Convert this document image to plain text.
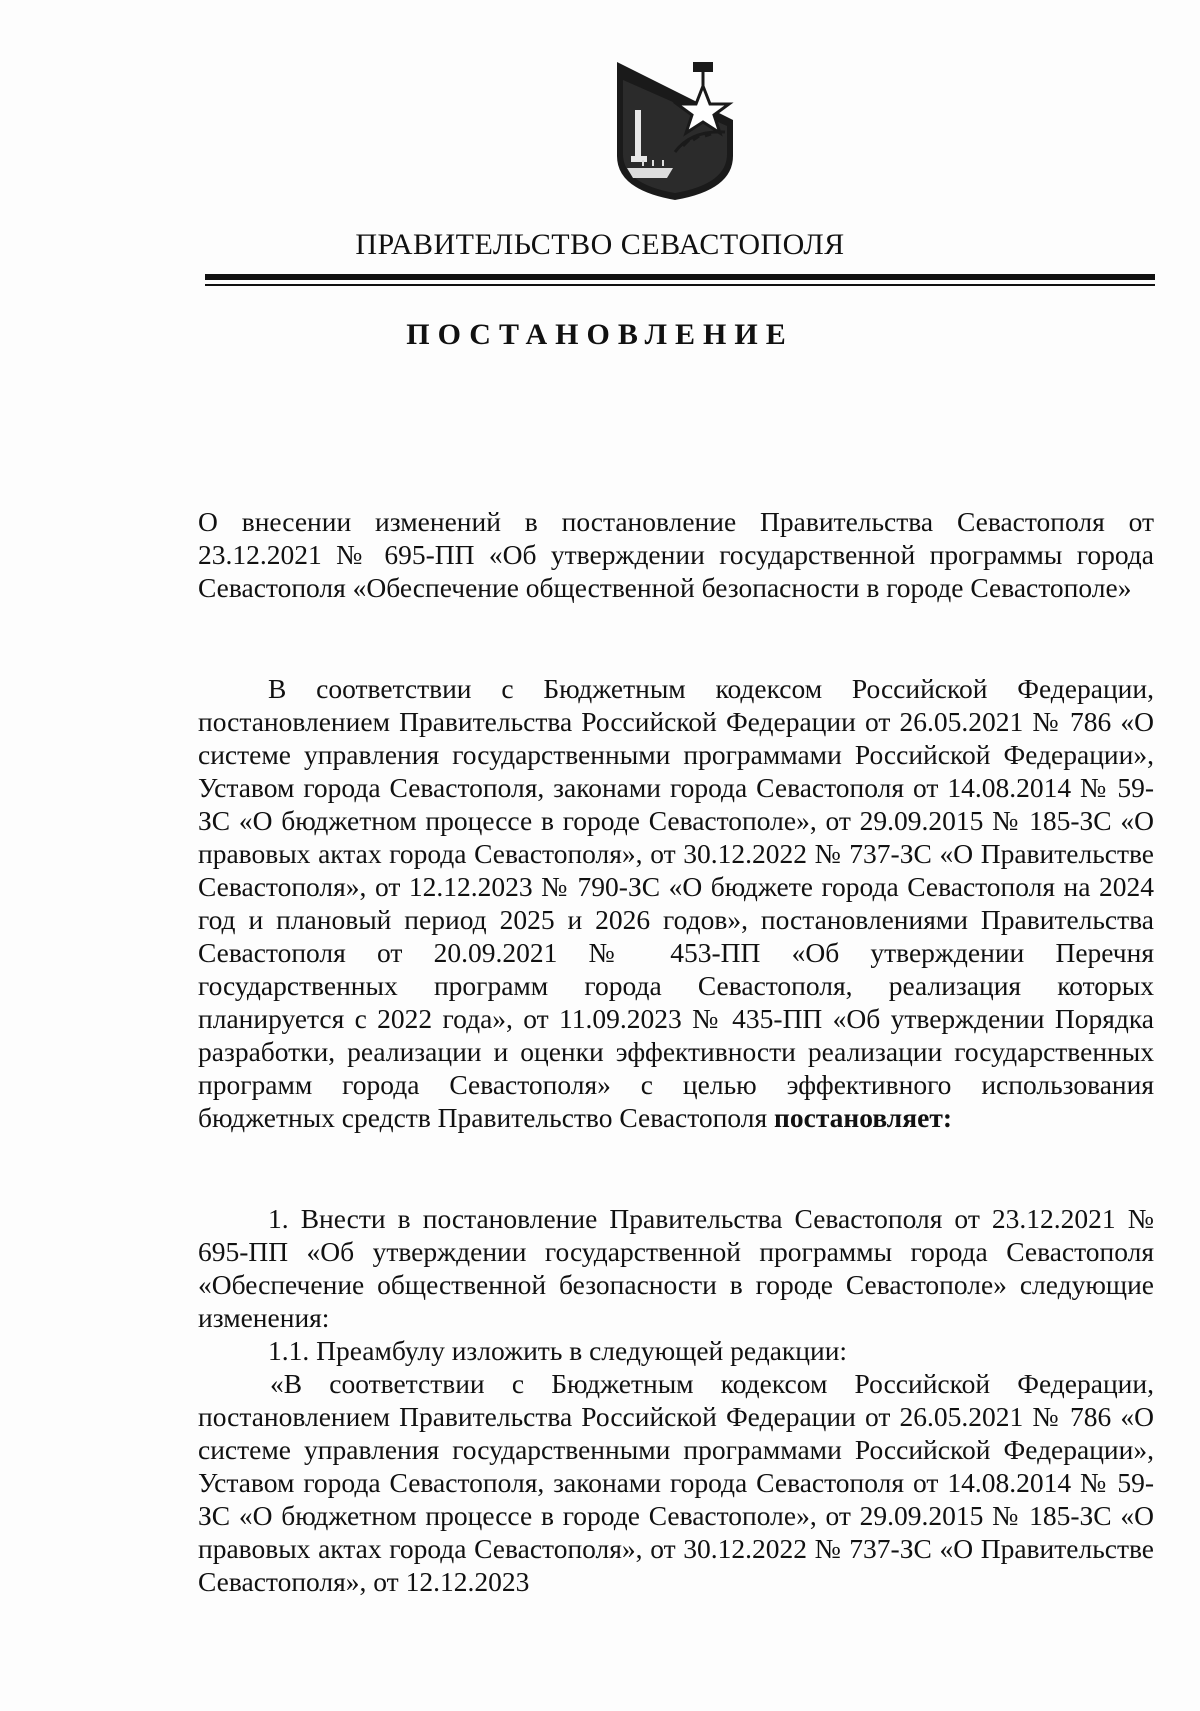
ПРАВИТЕЛЬСТВО СЕВАСТОПОЛЯ
ПОСТАНОВЛЕНИЕ

О внесении изменений в постановление Правительства Севастополя от 23.12.2021 № 695-ПП «Об утверждении государственной программы города Севастополя «Обеспечение общественной безопасности в городе Севастополе»

В соответствии с Бюджетным кодексом Российской Федерации, постановлением Правительства Российской Федерации от 26.05.2021 № 786 «О системе управления государственными программами Российской Федерации», Уставом города Севастополя, законами города Севастополя от 14.08.2014 № 59-ЗС «О бюджетном процессе в городе Севастополе», от 29.09.2015 № 185-ЗС «О правовых актах города Севастополя», от 30.12.2022 № 737-ЗС «О Правительстве Севастополя», от 12.12.2023 № 790-ЗС «О бюджете города Севастополя на 2024 год и плановый период 2025 и 2026 годов», постановлениями Правительства Севастополя от 20.09.2021 № 453-ПП «Об утверждении Перечня государственных программ города Севастополя, реализация которых планируется с 2022 года», от 11.09.2023 № 435-ПП «Об утверждении Порядка разработки, реализации и оценки эффективности реализации государственных программ города Севастополя» с целью эффективного использования бюджетных средств Правительство Севастополя постановляет:

1. Внести в постановление Правительства Севастополя от 23.12.2021 № 695-ПП «Об утверждении государственной программы города Севастополя «Обеспечение общественной безопасности в городе Севастополе» следующие изменения:

1.1. Преамбулу изложить в следующей редакции:

«В соответствии с Бюджетным кодексом Российской Федерации, постановлением Правительства Российской Федерации от 26.05.2021 № 786 «О системе управления государственными программами Российской Федерации», Уставом города Севастополя, законами города Севастополя от 14.08.2014 № 59-ЗС «О бюджетном процессе в городе Севастополе», от 29.09.2015 № 185-ЗС «О правовых актах города Севастополя», от 30.12.2022 № 737-ЗС «О Правительстве Севастополя», от 12.12.2023
